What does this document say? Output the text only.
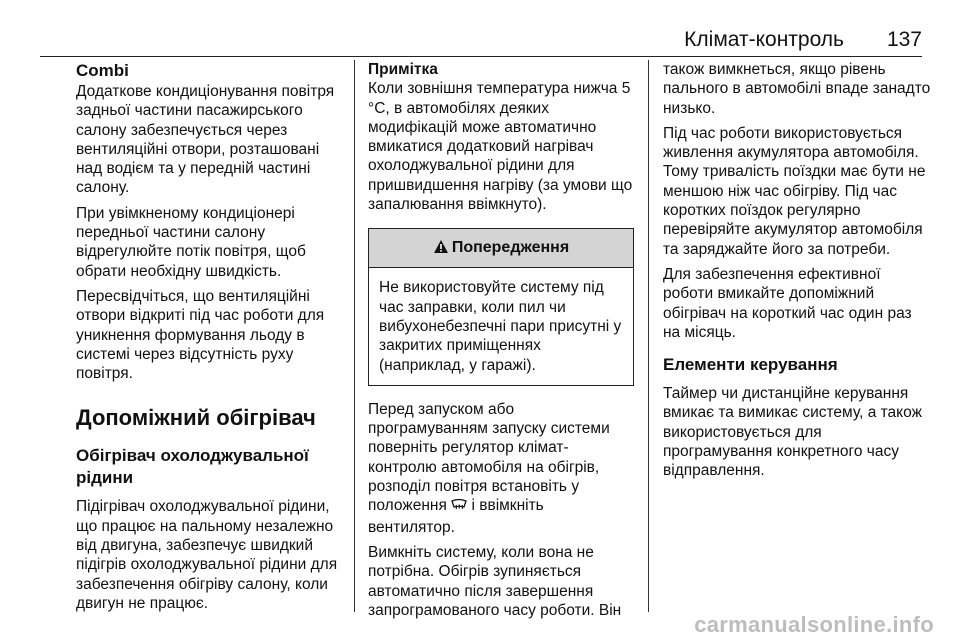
Клімат-контроль 137
Combi

Додаткове кондиціонування повітря задньої частини пасажирського салону забезпечується через вентиляційні отвори, розташовані над водієм та у передній частині салону.

При увімкненому кондиціонері передньої частини салону відрегулюйте потік повітря, щоб обрати необхідну швидкість.

Пересвідчіться, що вентиляційні отвори відкриті під час роботи для уникнення формування льоду в системі через відсутність руху повітря.

Допоміжний обігрівач
Обігрівач охолоджувальної рідини

Підігрівач охолоджувальної рідини, що працює на пальному незалежно від двигуна, забезпечує швидкий підігрів охолоджувальної рідини для забезпечення обігріву салону, коли двигун не працює.

Примітка

Коли зовнішня температура нижча 5 °C, в автомобілях деяких модифікацій може автоматично вмикатися додатковий нагрівач охолоджувальної рідини для пришвидшення нагріву (за умови що запалювання ввімкнуто).

Попередження
Не використовуйте систему під час заправки, коли пил чи вибухонебезпечні пари присутні у закритих приміщеннях (наприклад, у гаражі).

Перед запуском або програмуванням запуску системи поверніть регулятор клімат-контролю автомобіля на обігрів, розподіл повітря встановіть у положення і ввімкніть вентилятор.

Вимкніть систему, коли вона не потрібна. Обігрів зупиняється автоматично після завершення запрограмованого часу роботи. Він

також вимкнеться, якщо рівень пального в автомобілі впаде занадто низько.

Під час роботи використовується живлення акумулятора автомобіля. Тому тривалість поїздки має бути не меншою ніж час обігріву. Під час коротких поїздок регулярно перевіряйте акумулятор автомобіля та заряджайте його за потреби.

Для забезпечення ефективної роботи вмикайте допоміжний обігрівач на короткий час один раз на місяць.

Елементи керування

Таймер чи дистанційне керування вмикає та вимикає систему, а також використовується для програмування конкретного часу відправлення.

carmanualsonline.info
